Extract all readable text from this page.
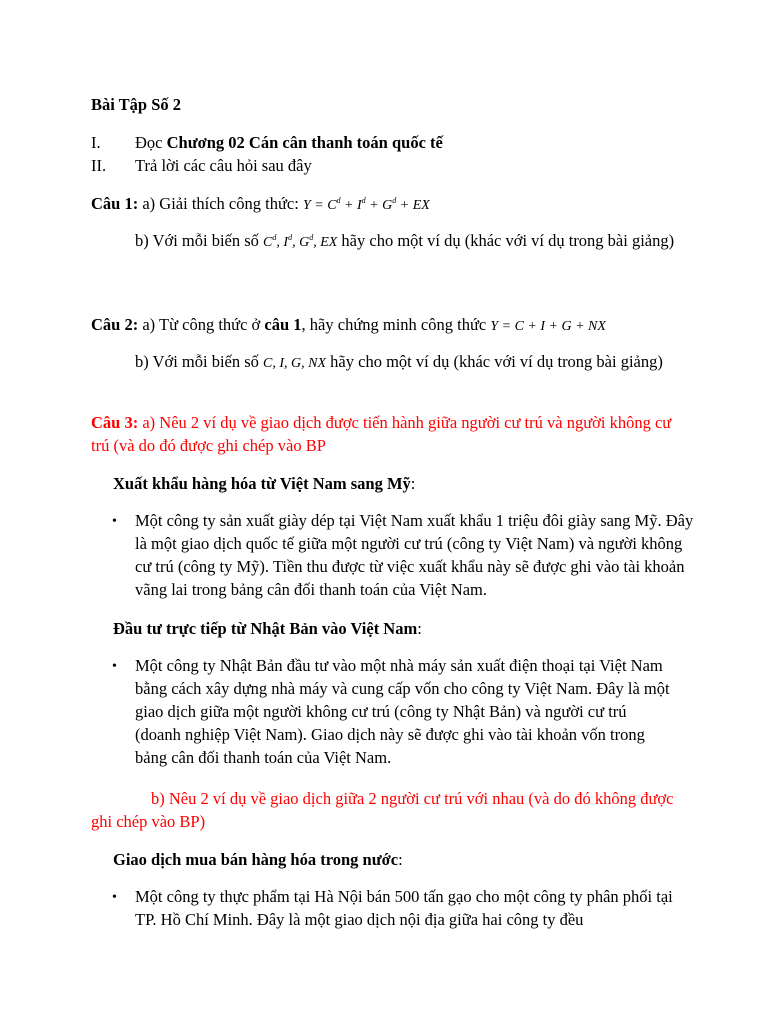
Bài Tập Số 2
I. Đọc Chương 02 Cán cân thanh toán quốc tế
II. Trả lời các câu hỏi sau đây
Câu 1: a) Giải thích công thức: $Y = C^d + I^d + G^d$ + EX
b) Với mỗi biến số $C^d$, $I^d$, $G^d$, EX hãy cho một ví dụ (khác với ví dụ trong bài giảng)
Câu 2: a) Từ công thức ở câu 1, hãy chứng minh công thức Y = C + I + G + NX
b) Với mỗi biến số C, I, G, NX hãy cho một ví dụ (khác với ví dụ trong bài giảng)
Câu 3: a) Nêu 2 ví dụ về giao dịch được tiến hành giữa người cư trú và người không cư trú (và do đó được ghi chép vào BP
Xuất khẩu hàng hóa từ Việt Nam sang Mỹ:
• Một công ty sản xuất giày dép tại Việt Nam xuất khẩu 1 triệu đôi giày sang Mỹ. Đây là một giao dịch quốc tế giữa một người cư trú (công ty Việt Nam) và người không cư trú (công ty Mỹ). Tiền thu được từ việc xuất khẩu này sẽ được ghi vào tài khoản vãng lai trong bảng cân đối thanh toán của Việt Nam.
Đầu tư trực tiếp từ Nhật Bản vào Việt Nam:
• Một công ty Nhật Bản đầu tư vào một nhà máy sản xuất điện thoại tại Việt Nam bằng cách xây dựng nhà máy và cung cấp vốn cho công ty Việt Nam. Đây là một giao dịch giữa một người không cư trú (công ty Nhật Bản) và người cư trú (doanh nghiệp Việt Nam). Giao dịch này sẽ được ghi vào tài khoản vốn trong bảng cân đối thanh toán của Việt Nam.
b) Nêu 2 ví dụ về giao dịch giữa 2 người cư trú với nhau (và do đó không được ghi chép vào BP)
Giao dịch mua bán hàng hóa trong nước:
• Một công ty thực phẩm tại Hà Nội bán 500 tấn gạo cho một công ty phân phối tại TP. Hồ Chí Minh. Đây là một giao dịch nội địa giữa hai công ty đều
